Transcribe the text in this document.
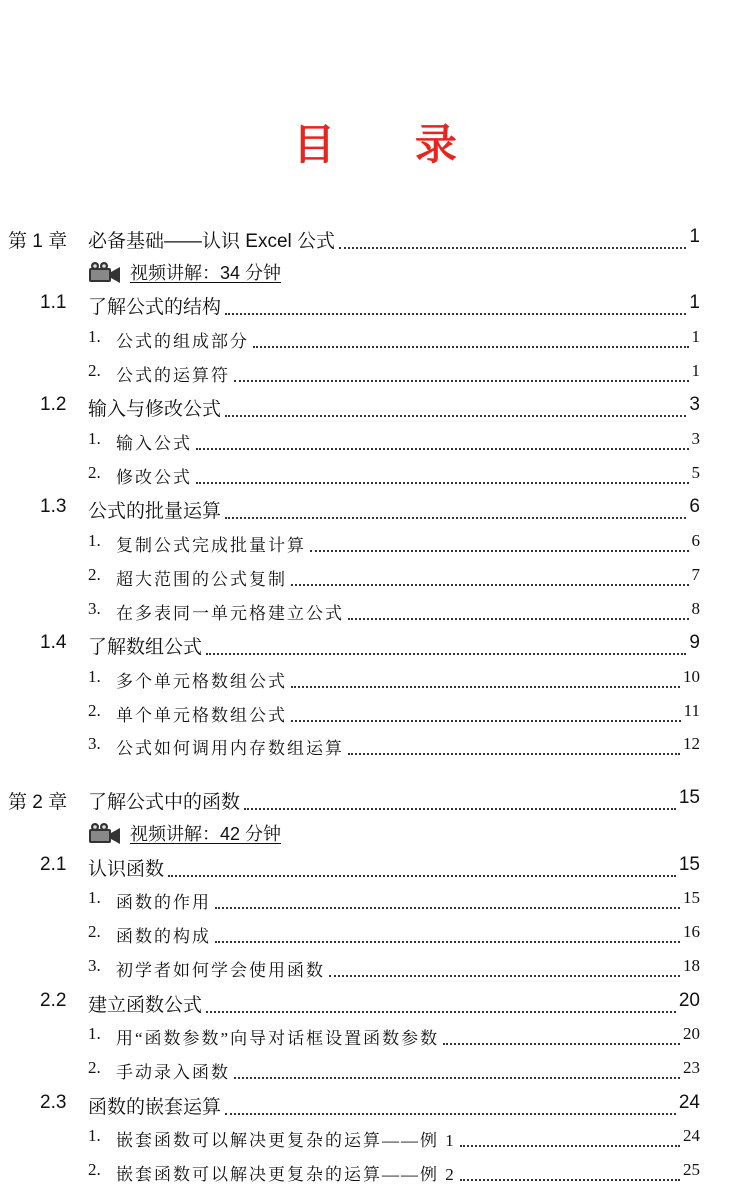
目 录
第 1 章 必备基础——认识 Excel 公式	1
视频讲解：34 分钟
1.1 了解公式的结构	1
1. 公式的组成部分	1
2. 公式的运算符	1
1.2 输入与修改公式	3
1. 输入公式	3
2. 修改公式	5
1.3 公式的批量运算	6
1. 复制公式完成批量计算	6
2. 超大范围的公式复制	7
3. 在多表同一单元格建立公式	8
1.4 了解数组公式	9
1. 多个单元格数组公式	10
2. 单个单元格数组公式	11
3. 公式如何调用内存数组运算	12
第 2 章 了解公式中的函数	15
视频讲解：42 分钟
2.1 认识函数	15
1. 函数的作用	15
2. 函数的构成	16
3. 初学者如何学会使用函数	18
2.2 建立函数公式	20
1. 用“函数参数”向导对话框设置函数参数	20
2. 手动录入函数	23
2.3 函数的嵌套运算	24
1. 嵌套函数可以解决更复杂的运算——例 1	24
2. 嵌套函数可以解决更复杂的运算——例 2	25
